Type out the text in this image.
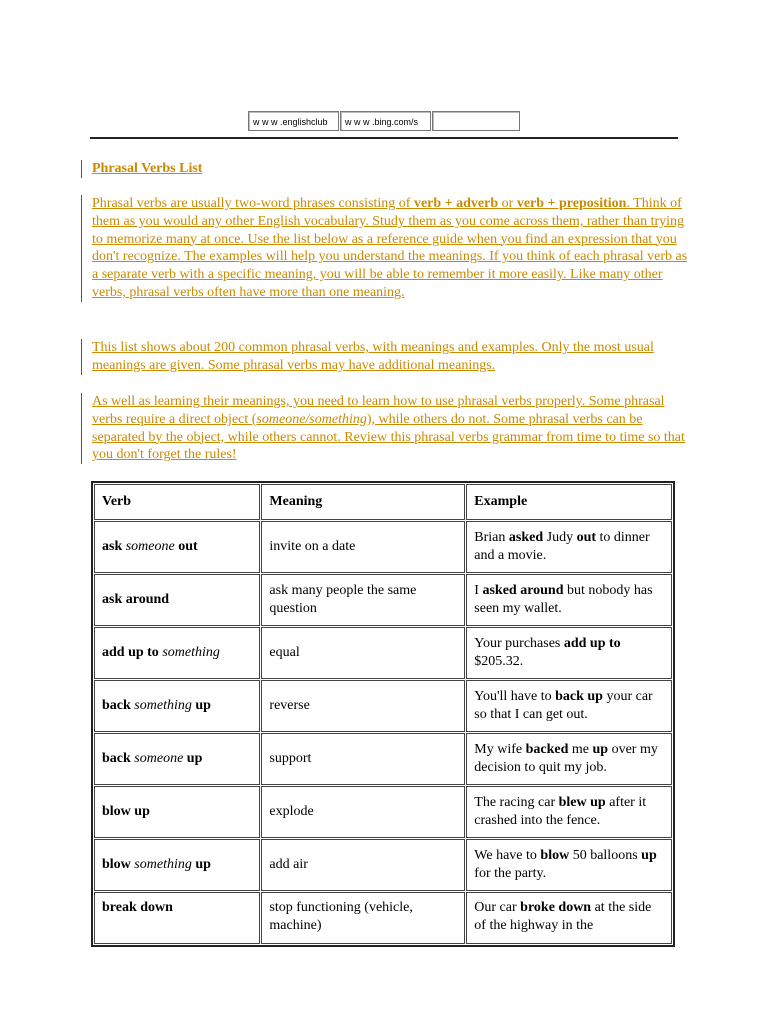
w w w .englishclub	w w w .bing.com/s

Phrasal Verbs List

Phrasal verbs are usually two-word phrases consisting of verb + adverb or verb + preposition. Think of them as you would any other English vocabulary. Study them as you come across them, rather than trying to memorize many at once. Use the list below as a reference guide when you find an expression that you don't recognize. The examples will help you understand the meanings. If you think of each phrasal verb as a separate verb with a specific meaning, you will be able to remember it more easily. Like many other verbs, phrasal verbs often have more than one meaning.

This list shows about 200 common phrasal verbs, with meanings and examples. Only the most usual meanings are given. Some phrasal verbs may have additional meanings.

As well as learning their meanings, you need to learn how to use phrasal verbs properly. Some phrasal verbs require a direct object (someone/something), while others do not. Some phrasal verbs can be separated by the object, while others cannot. Review this phrasal verbs grammar from time to time so that you don't forget the rules!

Verb	Meaning	Example
ask someone out	invite on a date	Brian asked Judy out to dinner and a movie.
ask around	ask many people the same question	I asked around but nobody has seen my wallet.
add up to something	equal	Your purchases add up to $205.32.
back something up	reverse	You'll have to back up your car so that I can get out.
back someone up	support	My wife backed me up over my decision to quit my job.
blow up	explode	The racing car blew up after it crashed into the fence.
blow something up	add air	We have to blow 50 balloons up for the party.
break down	stop functioning (vehicle, machine)	Our car broke down at the side of the highway in the
